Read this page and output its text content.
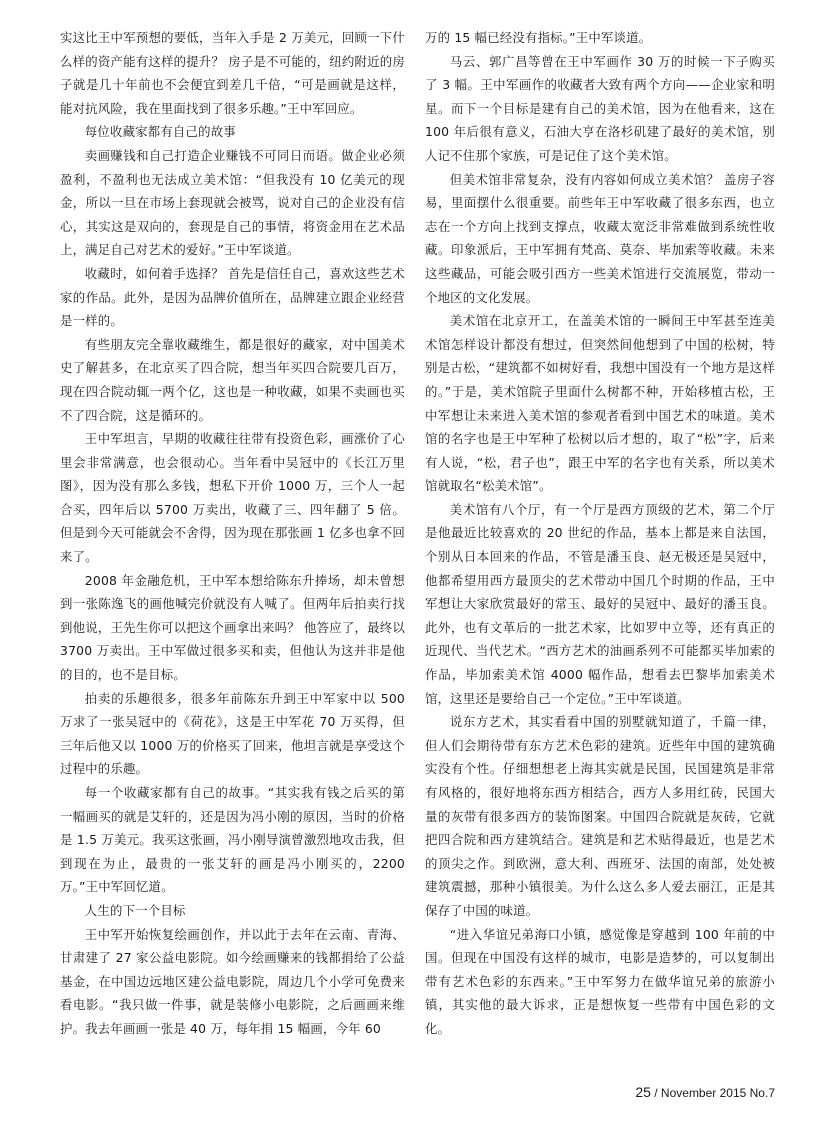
实这比王中军预想的要低，当年入手是 2 万美元，回顾一下什么样的资产能有这样的提升？ 房子是不可能的，纽约附近的房子就是几十年前也不会便宜到差几千倍，“可是画就是这样，能对抗风险，我在里面找到了很多乐趣。”王中军回应。

每位收藏家都有自己的故事

卖画赚钱和自己打造企业赚钱不可同日而语。做企业必须盈利，不盈利也无法成立美术馆：“但我没有 10 亿美元的现金，所以一旦在市场上套现就会被骂，说对自己的企业没有信心，其实这是双向的，套现是自己的事情，将资金用在艺术品上，满足自己对艺术的爱好。”王中军谈道。

收藏时，如何着手选择？ 首先是信任自己，喜欢这些艺术家的作品。此外，是因为品牌价值所在，品牌建立跟企业经营是一样的。

有些朋友完全靠收藏维生，都是很好的藏家，对中国美术史了解甚多，在北京买了四合院，想当年买四合院要几百万，现在四合院动辄一两个亿，这也是一种收藏，如果不卖画也买不了四合院，这是循环的。

王中军坦言，早期的收藏往往带有投资色彩，画涨价了心里会非常满意，也会很动心。当年看中吴冠中的《长江万里图》，因为没有那么多钱，想私下开价 1000 万，三个人一起合买，四年后以 5700 万卖出，收藏了三、四年翻了 5 倍。但是到今天可能就会不舍得，因为现在那张画 1 亿多也拿不回来了。

2008 年金融危机，王中军本想给陈东升捧场，却未曾想到一张陈逸飞的画他喊完价就没有人喊了。但两年后拍卖行找到他说，王先生你可以把这个画拿出来吗？ 他答应了，最终以 3700 万卖出。王中军做过很多买和卖，但他认为这并非是他的目的，也不是目标。

拍卖的乐趣很多，很多年前陈东升到王中军家中以 500 万求了一张吴冠中的《荷花》，这是王中军花 70 万买得，但三年后他又以 1000 万的价格买了回来，他坦言就是享受这个过程中的乐趣。

每一个收藏家都有自己的故事。“其实我有钱之后买的第一幅画买的就是艾轩的，还是因为冯小刚的原因，当时的价格是 1.5 万美元。我买这张画，冯小刚导演曾激烈地攻击我，但到现在为止，最贵的一张艾轩的画是冯小刚买的，2200 万。”王中军回忆道。

人生的下一个目标

王中军开始恢复绘画创作，并以此于去年在云南、青海、甘肃建了 27 家公益电影院。如今绘画赚来的钱都捐给了公益基金，在中国边远地区建公益电影院，周边几个小学可免费来看电影。“我只做一件事，就是装修小电影院，之后画画来维护。我去年画画一张是 40 万，每年捐 15 幅画，今年 60

万的 15 幅已经没有指标。”王中军谈道。

马云、郭广昌等曾在王中军画作 30 万的时候一下子购买了 3 幅。王中军画作的收藏者大致有两个方向——企业家和明星。而下一个目标是建有自己的美术馆，因为在他看来，这在 100 年后很有意义，石油大亨在洛杉矶建了最好的美术馆，别人记不住那个家族，可是记住了这个美术馆。

但美术馆非常复杂，没有内容如何成立美术馆？ 盖房子容易，里面摆什么很重要。前些年王中军收藏了很多东西，也立志在一个方向上找到支撑点，收藏太宽泛非常难做到系统性收藏。印象派后，王中军拥有梵高、莫奈、毕加索等收藏。未来这些藏品，可能会吸引西方一些美术馆进行交流展览，带动一个地区的文化发展。

美术馆在北京开工，在盖美术馆的一瞬间王中军甚至连美术馆怎样设计都没有想过，但突然间他想到了中国的松树，特别是古松，“建筑都不如树好看，我想中国没有一个地方是这样的。”于是，美术馆院子里面什么树都不种，开始移植古松，王中军想让未来进入美术馆的参观者看到中国艺术的味道。美术馆的名字也是王中军种了松树以后才想的，取了“松”字，后来有人说，“松，君子也”，跟王中军的名字也有关系，所以美术馆就取名“松美术馆”。

美术馆有八个厅，有一个厅是西方顶级的艺术，第二个厅是他最近比较喜欢的 20 世纪的作品，基本上都是来自法国，个别从日本回来的作品，不管是潘玉良、赵无极还是吴冠中，他都希望用西方最顶尖的艺术带动中国几个时期的作品，王中军想让大家欣赏最好的常玉、最好的吴冠中、最好的潘玉良。此外，也有文革后的一批艺术家，比如罗中立等，还有真正的近现代、当代艺术。“西方艺术的油画系列不可能都买毕加索的作品，毕加索美术馆 4000 幅作品，想看去巴黎毕加索美术馆，这里还是要给自己一个定位。”王中军谈道。

说东方艺术，其实看看中国的别墅就知道了，千篇一律，但人们会期待带有东方艺术色彩的建筑。近些年中国的建筑确实没有个性。仔细想想老上海其实就是民国，民国建筑是非常有风格的，很好地将东西方相结合，西方人多用红砖，民国大量的灰带有很多西方的装饰图案。中国四合院就是灰砖，它就把四合院和西方建筑结合。建筑是和艺术贴得最近，也是艺术的顶尖之作。到欧洲，意大利、西班牙、法国的南部，处处被建筑震撼，那种小镇很美。为什么这么多人爱去丽江，正是其保存了中国的味道。

“进入华谊兄弟海口小镇，感觉像是穿越到 100 年前的中国。但现在中国没有这样的城市，电影是造梦的，可以复制出带有艺术色彩的东西来。”王中军努力在做华谊兄弟的旅游小镇，其实他的最大诉求，正是想恢复一些带有中国色彩的文化。

25 / November 2015 No.7
